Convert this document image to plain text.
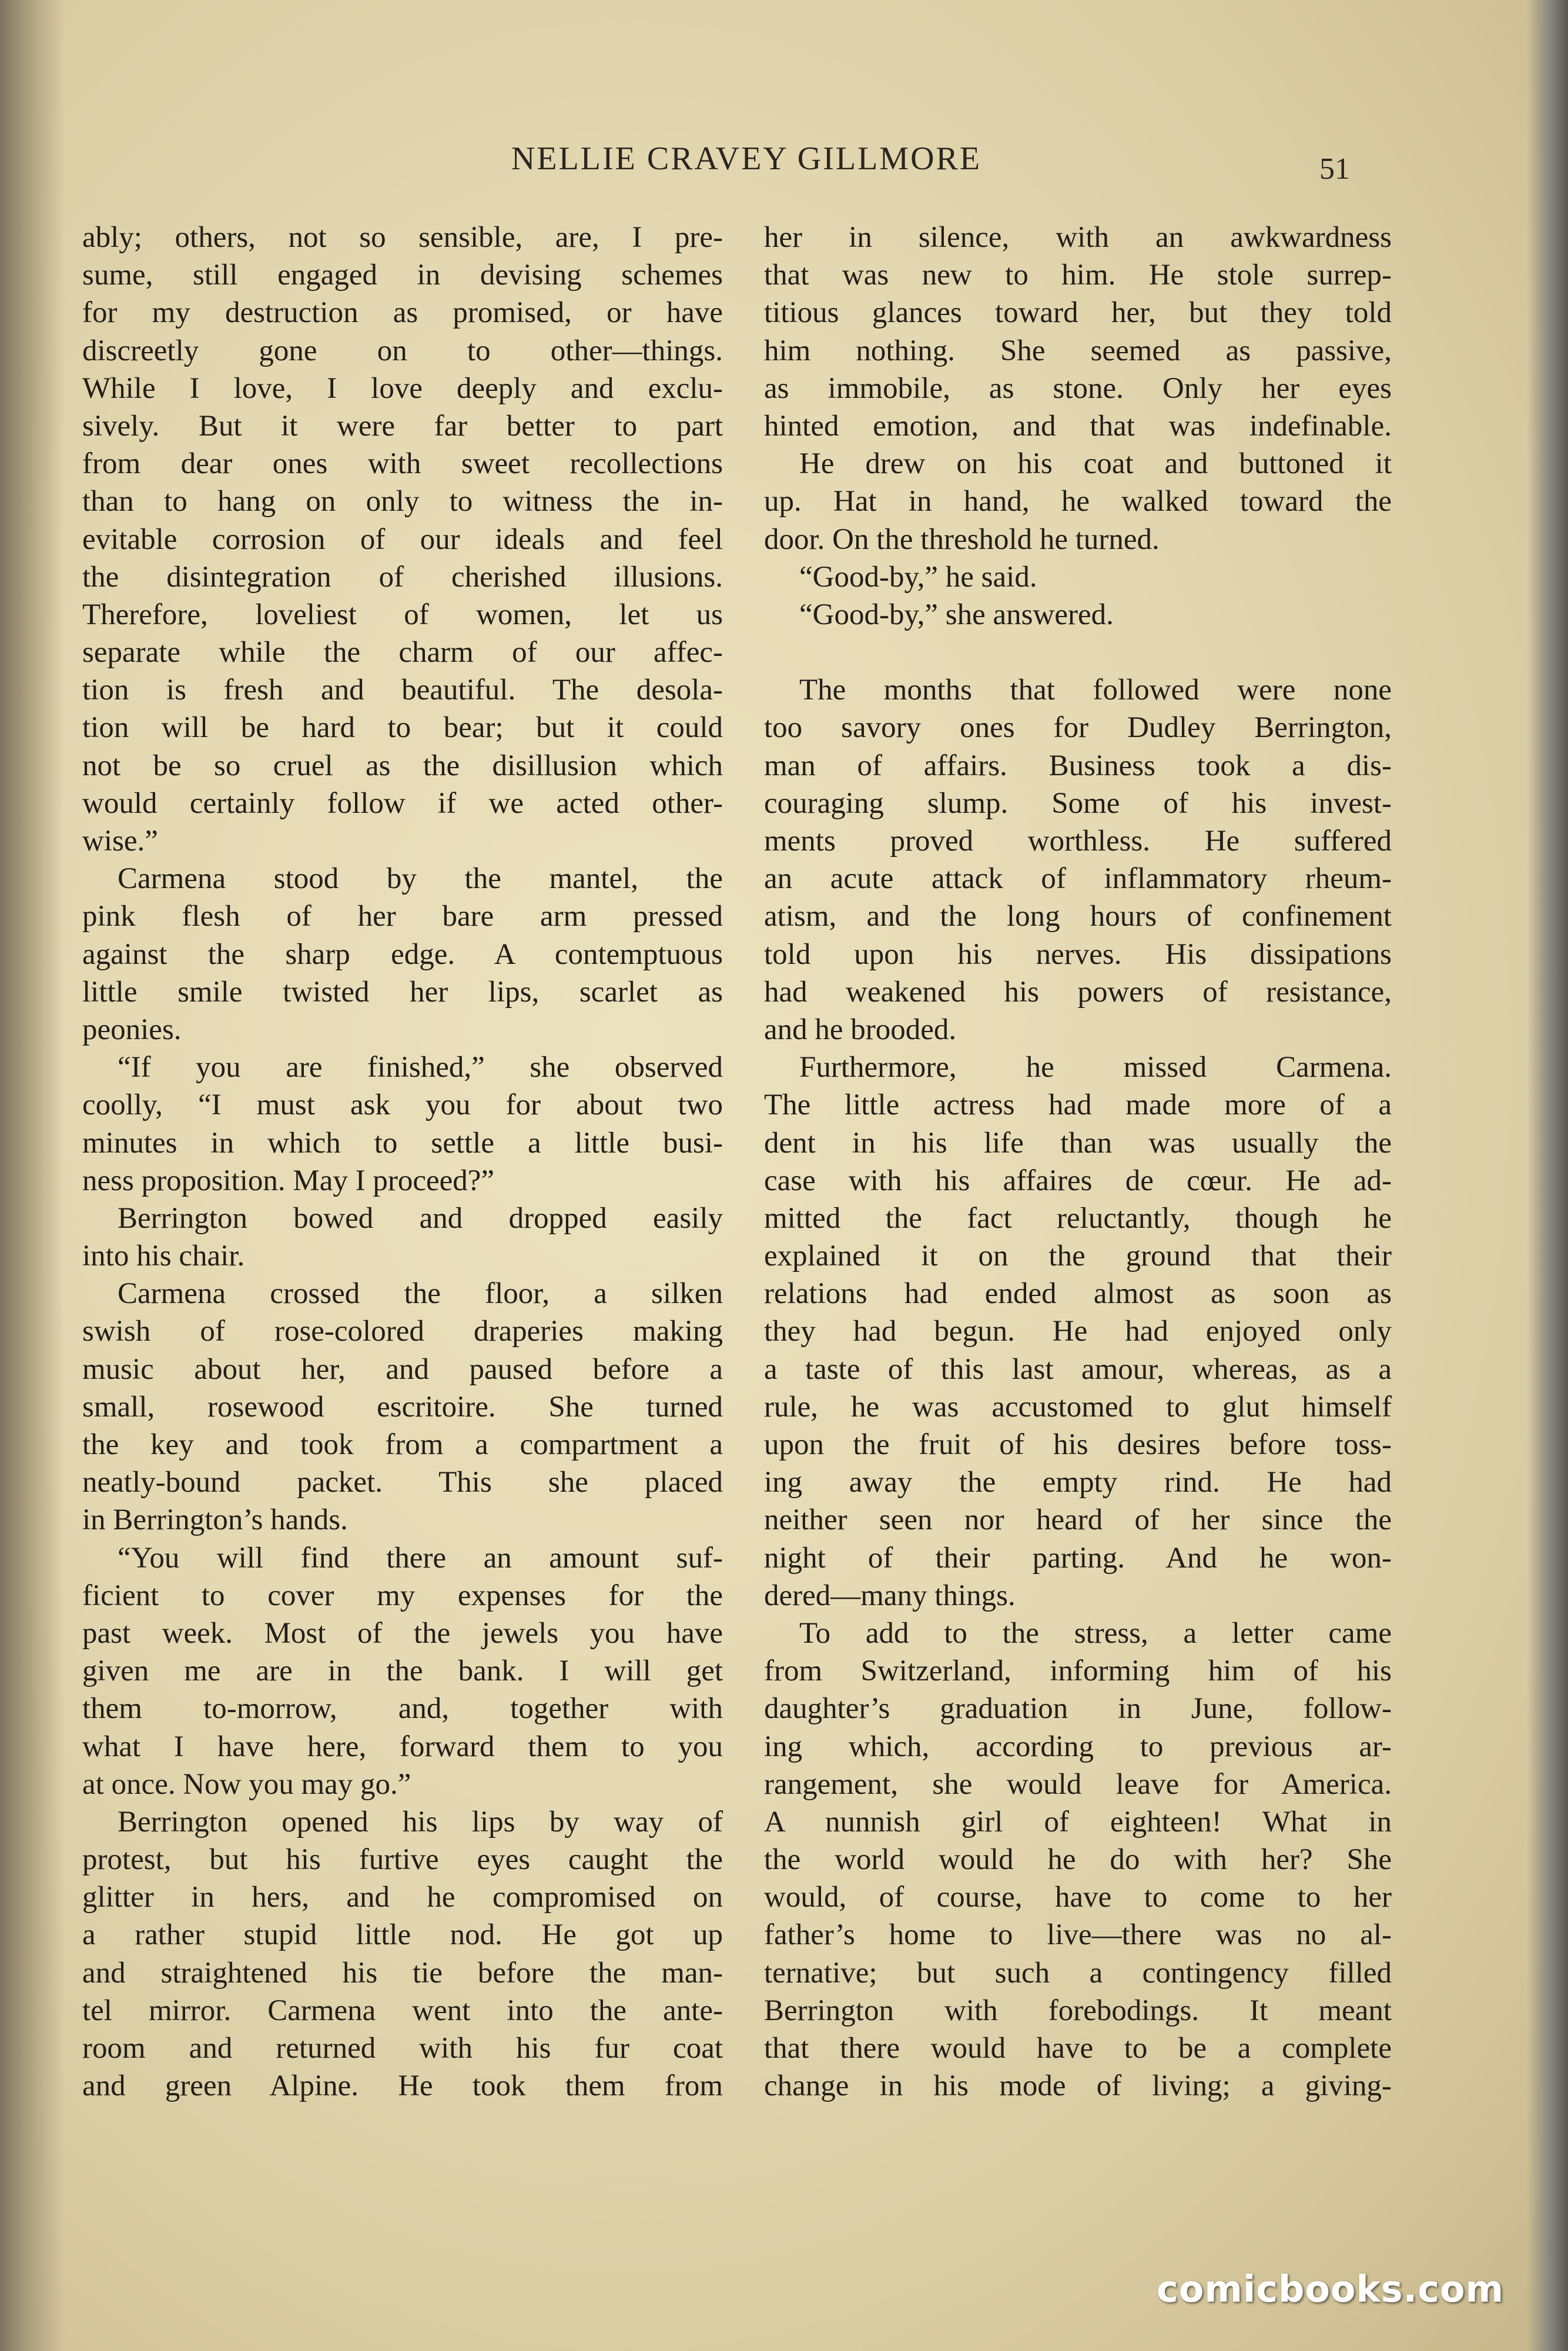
NELLIE CRAVEY GILLMORE	51
ably; others, not so sensible, are, I pre-
sume, still engaged in devising schemes
for my destruction as promised, or have
discreetly gone on to other—things.
While I love, I love deeply and exclu-
sively. But it were far better to part
from dear ones with sweet recollections
than to hang on only to witness the in-
evitable corrosion of our ideals and feel
the disintegration of cherished illusions.
Therefore, loveliest of women, let us
separate while the charm of our affec-
tion is fresh and beautiful. The desola-
tion will be hard to bear; but it could
not be so cruel as the disillusion which
would certainly follow if we acted other-
wise.”
Carmena stood by the mantel, the
pink flesh of her bare arm pressed
against the sharp edge. A contemptuous
little smile twisted her lips, scarlet as
peonies.
“If you are finished,” she observed
coolly, “I must ask you for about two
minutes in which to settle a little busi-
ness proposition. May I proceed?”
Berrington bowed and dropped easily
into his chair.
Carmena crossed the floor, a silken
swish of rose-colored draperies making
music about her, and paused before a
small, rosewood escritoire. She turned
the key and took from a compartment a
neatly-bound packet. This she placed
in Berrington’s hands.
“You will find there an amount suf-
ficient to cover my expenses for the
past week. Most of the jewels you have
given me are in the bank. I will get
them to-morrow, and, together with
what I have here, forward them to you
at once. Now you may go.”
Berrington opened his lips by way of
protest, but his furtive eyes caught the
glitter in hers, and he compromised on
a rather stupid little nod. He got up
and straightened his tie before the man-
tel mirror. Carmena went into the ante-
room and returned with his fur coat
and green Alpine. He took them from
her in silence, with an awkwardness
that was new to him. He stole surrep-
titious glances toward her, but they told
him nothing. She seemed as passive,
as immobile, as stone. Only her eyes
hinted emotion, and that was indefinable.
He drew on his coat and buttoned it
up. Hat in hand, he walked toward the
door. On the threshold he turned.
“Good-by,” he said.
“Good-by,” she answered.
The months that followed were none
too savory ones for Dudley Berrington,
man of affairs. Business took a dis-
couraging slump. Some of his invest-
ments proved worthless. He suffered
an acute attack of inflammatory rheum-
atism, and the long hours of confinement
told upon his nerves. His dissipations
had weakened his powers of resistance,
and he brooded.
Furthermore, he missed Carmena.
The little actress had made more of a
dent in his life than was usually the
case with his affaires de cœur. He ad-
mitted the fact reluctantly, though he
explained it on the ground that their
relations had ended almost as soon as
they had begun. He had enjoyed only
a taste of this last amour, whereas, as a
rule, he was accustomed to glut himself
upon the fruit of his desires before toss-
ing away the empty rind. He had
neither seen nor heard of her since the
night of their parting. And he won-
dered—many things.
To add to the stress, a letter came
from Switzerland, informing him of his
daughter’s graduation in June, follow-
ing which, according to previous ar-
rangement, she would leave for America.
A nunnish girl of eighteen! What in
the world would he do with her? She
would, of course, have to come to her
father’s home to live—there was no al-
ternative; but such a contingency filled
Berrington with forebodings. It meant
that there would have to be a complete
change in his mode of living; a giving-
comicbooks.com
